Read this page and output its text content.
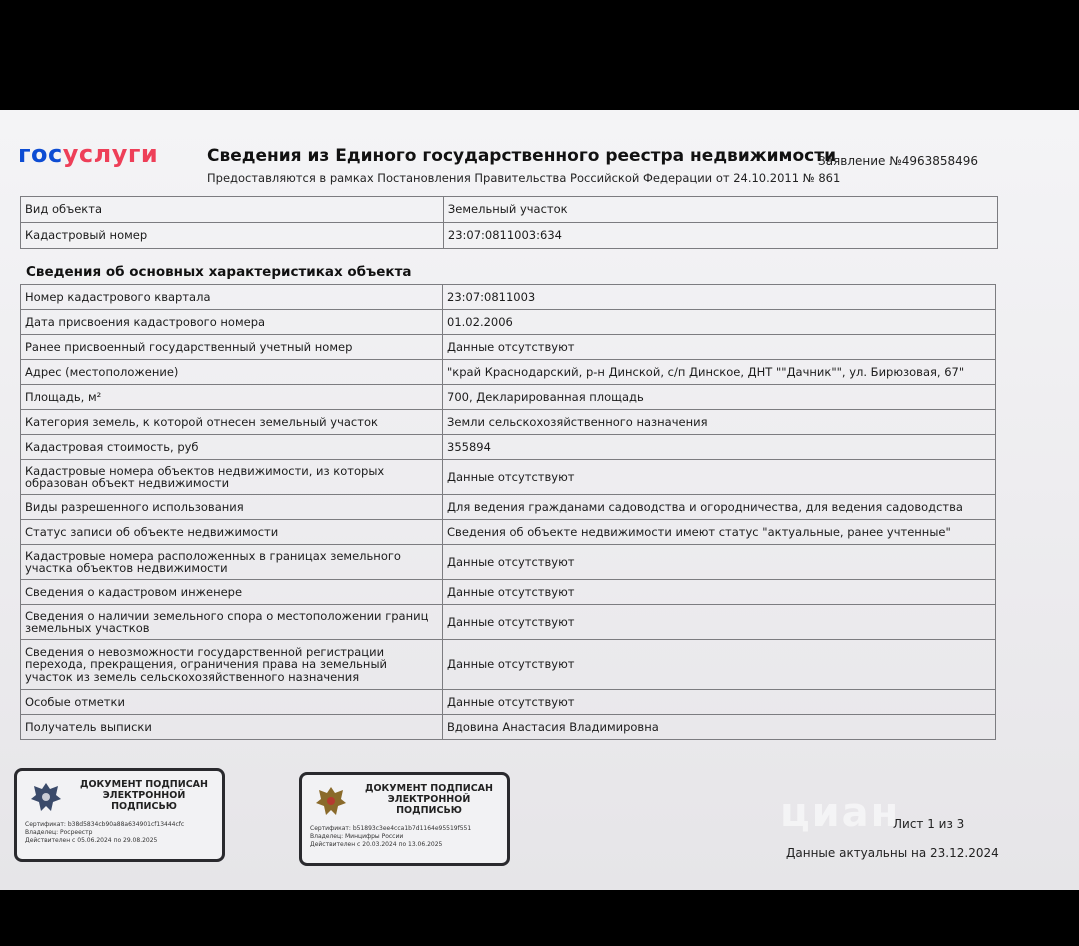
госуслуги	Сведения из Единого государственного реестра недвижимости
Предоставляются в рамках Постановления Правительства Российской Федерации от 24.10.2011 № 861
Заявление №4963858496
Вид объекта	Земельный участок
Кадастровый номер	23:07:0811003:634
Сведения об основных характеристиках объекта
Номер кадастрового квартала	23:07:0811003
Дата присвоения кадастрового номера	01.02.2006
Ранее присвоенный государственный учетный номер	Данные отсутствуют
Адрес (местоположение)	"край Краснодарский, р-н Динской, с/п Динское, ДНТ ""Дачник"", ул. Бирюзовая, 67"
Площадь, м²	700, Декларированная площадь
Категория земель, к которой отнесен земельный участок	Земли сельскохозяйственного назначения
Кадастровая стоимость, руб	355894
Кадастровые номера объектов недвижимости, из которых образован объект недвижимости	Данные отсутствуют
Виды разрешенного использования	Для ведения гражданами садоводства и огородничества, для ведения садоводства
Статус записи об объекте недвижимости	Сведения об объекте недвижимости имеют статус "актуальные, ранее учтенные"
Кадастровые номера расположенных в границах земельного участка объектов недвижимости	Данные отсутствуют
Сведения о кадастровом инженере	Данные отсутствуют
Сведения о наличии земельного спора о местоположении границ земельных участков	Данные отсутствуют
Сведения о невозможности государственной регистрации перехода, прекращения, ограничения права на земельный участок из земель сельскохозяйственного назначения	Данные отсутствуют
Особые отметки	Данные отсутствуют
Получатель выписки	Вдовина Анастасия Владимировна
ДОКУМЕНТ ПОДПИСАН ЭЛЕКТРОННОЙ ПОДПИСЬЮ
Сертификат: b38d5834cb90a88a634901cf13444cfc
Владелец: Росреестр
Действителен с 05.06.2024 по 29.08.2025
ДОКУМЕНТ ПОДПИСАН ЭЛЕКТРОННОЙ ПОДПИСЬЮ
Сертификат: b51893c3ee4cca1b7d1164e95519f551
Владелец: Минцифры России
Действителен с 20.03.2024 по 13.06.2025
циан
Лист 1 из 3
Данные актуальны на 23.12.2024
